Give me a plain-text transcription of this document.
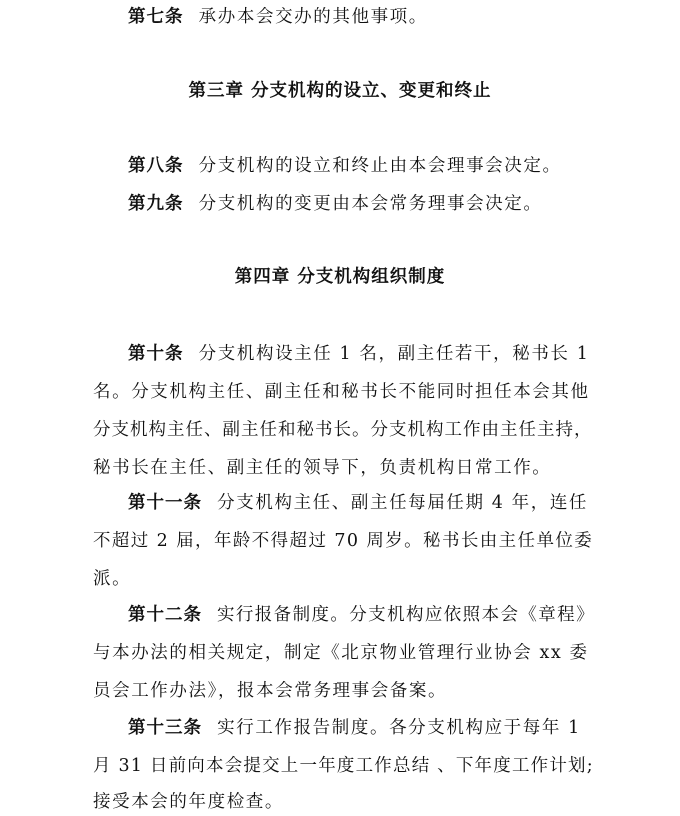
第七条 承办本会交办的其他事项。
第三章 分支机构的设立、变更和终止
第八条 分支机构的设立和终止由本会理事会决定。
第九条 分支机构的变更由本会常务理事会决定。
第四章 分支机构组织制度
第十条 分支机构设主任 1 名，副主任若干，秘书长 1
名。分支机构主任、副主任和秘书长不能同时担任本会其他
分支机构主任、副主任和秘书长。分支机构工作由主任主持，
秘书长在主任、副主任的领导下，负责机构日常工作。
第十一条 分支机构主任、副主任每届任期 4 年，连任
不超过 2 届，年龄不得超过 70 周岁。秘书长由主任单位委
派。
第十二条 实行报备制度。分支机构应依照本会《章程》
与本办法的相关规定，制定《北京物业管理行业协会 xx 委
员会工作办法》，报本会常务理事会备案。
第十三条 实行工作报告制度。各分支机构应于每年 1
月 31 日前向本会提交上一年度工作总结 、下年度工作计划;
接受本会的年度检查。
